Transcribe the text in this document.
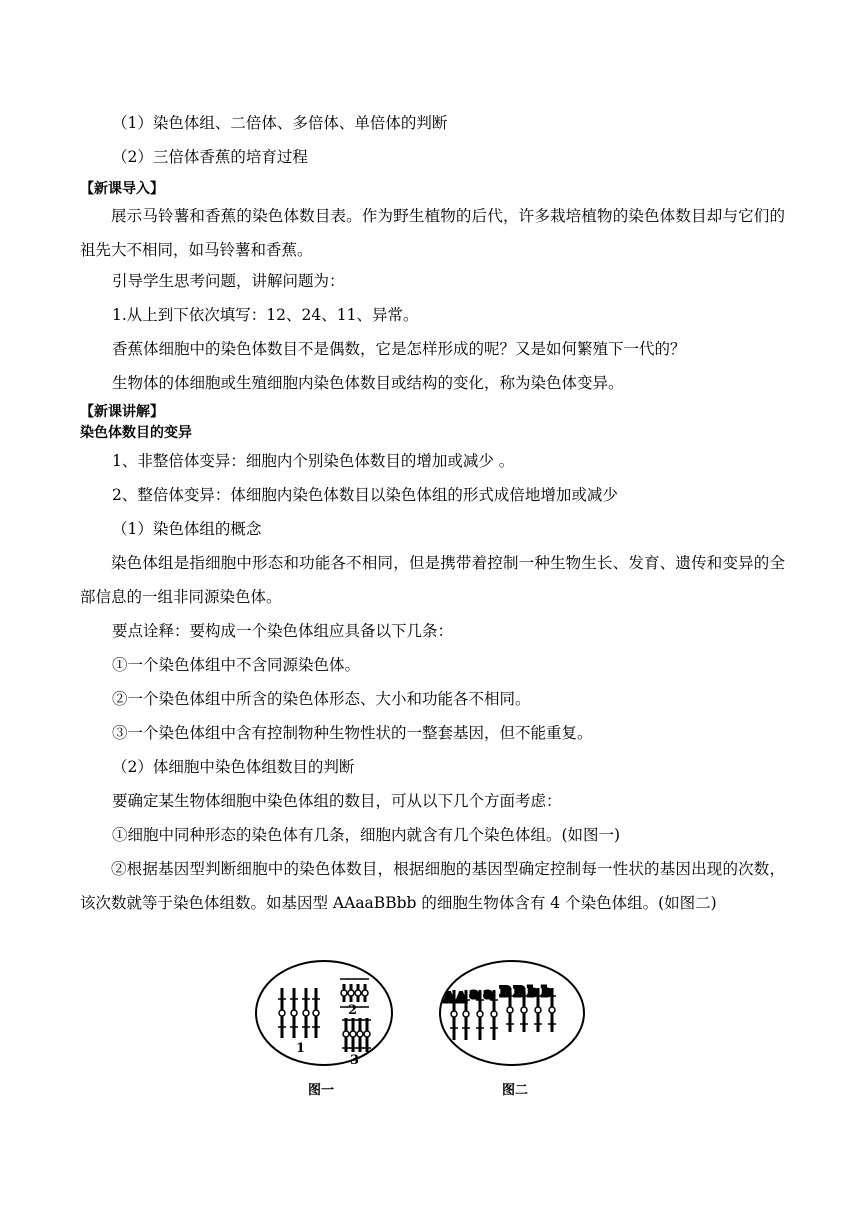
（1）染色体组、二倍体、多倍体、单倍体的判断
（2）三倍体香蕉的培育过程
【新课导入】
展示马铃薯和香蕉的染色体数目表。作为野生植物的后代，许多栽培植物的染色体数目却与它们的祖先大不相同，如马铃薯和香蕉。
引导学生思考问题，讲解问题为：
1.从上到下依次填写：12、24、11、异常。
香蕉体细胞中的染色体数目不是偶数，它是怎样形成的呢？又是如何繁殖下一代的？
生物体的体细胞或生殖细胞内染色体数目或结构的变化，称为染色体变异。
【新课讲解】
染色体数目的变异
1、非整倍体变异：细胞内个别染色体数目的增加或减少 。
2、整倍体变异：体细胞内染色体数目以染色体组的形式成倍地增加或减少
（1）染色体组的概念
染色体组是指细胞中形态和功能各不相同，但是携带着控制一种生物生长、发育、遗传和变异的全部信息的一组非同源染色体。
要点诠释：要构成一个染色体组应具备以下几条：
①一个染色体组中不含同源染色体。
②一个染色体组中所含的染色体形态、大小和功能各不相同。
③一个染色体组中含有控制物种生物性状的一整套基因，但不能重复。
（2）体细胞中染色体组数目的判断
要确定某生物体细胞中染色体组的数目，可从以下几个方面考虑：
①细胞中同种形态的染色体有几条，细胞内就含有几个染色体组。(如图一)
②根据基因型判断细胞中的染色体数目，根据细胞的基因型确定控制每一性状的基因出现的次数，该次数就等于染色体组数。如基因型 AAaaBBbb 的细胞生物体含有 4 个染色体组。(如图二)
A A a a B B b b
1
2
3
图一	图二
